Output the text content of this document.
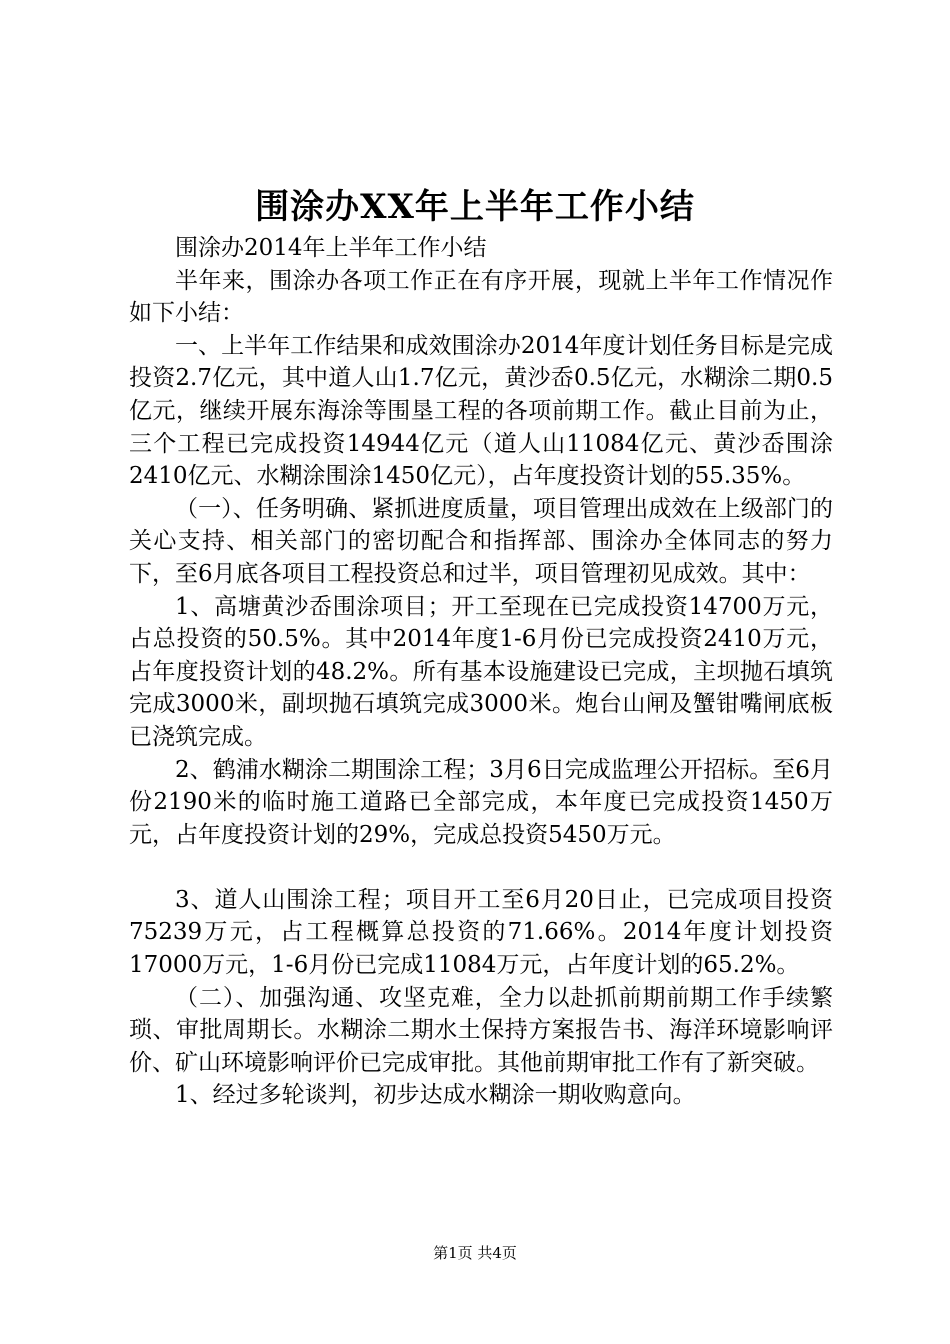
围涂办XX年上半年工作小结

围涂办2014年上半年工作小结

半年来，围涂办各项工作正在有序开展，现就上半年工作情况作如下小结：

一、上半年工作结果和成效围涂办2014年度计划任务目标是完成投资2.7亿元，其中道人山1.7亿元，黄沙岙0.5亿元，水糊涂二期0.5亿元，继续开展东海涂等围垦工程的各项前期工作。截止目前为止，三个工程已完成投资14944亿元（道人山11084亿元、黄沙岙围涂2410亿元、水糊涂围涂1450亿元），占年度投资计划的55.35%。

（一）、任务明确、紧抓进度质量，项目管理出成效在上级部门的关心支持、相关部门的密切配合和指挥部、围涂办全体同志的努力下，至6月底各项目工程投资总和过半，项目管理初见成效。其中：

1、高塘黄沙岙围涂项目；开工至现在已完成投资14700万元，占总投资的50.5%。其中2014年度1-6月份已完成投资2410万元，占年度投资计划的48.2%。所有基本设施建设已完成，主坝抛石填筑完成3000米，副坝抛石填筑完成3000米。炮台山闸及蟹钳嘴闸底板已浇筑完成。

2、鹤浦水糊涂二期围涂工程；3月6日完成监理公开招标。至6月份2190米的临时施工道路已全部完成，本年度已完成投资1450万元，占年度投资计划的29%，完成总投资5450万元。

3、道人山围涂工程；项目开工至6月20日止，已完成项目投资75239万元，占工程概算总投资的71.66%。2014年度计划投资17000万元，1-6月份已完成11084万元，占年度计划的65.2%。

（二）、加强沟通、攻坚克难，全力以赴抓前期前期工作手续繁琐、审批周期长。水糊涂二期水土保持方案报告书、海洋环境影响评价、矿山环境影响评价已完成审批。其他前期审批工作有了新突破。

1、经过多轮谈判，初步达成水糊涂一期收购意向。

第1页 共4页
